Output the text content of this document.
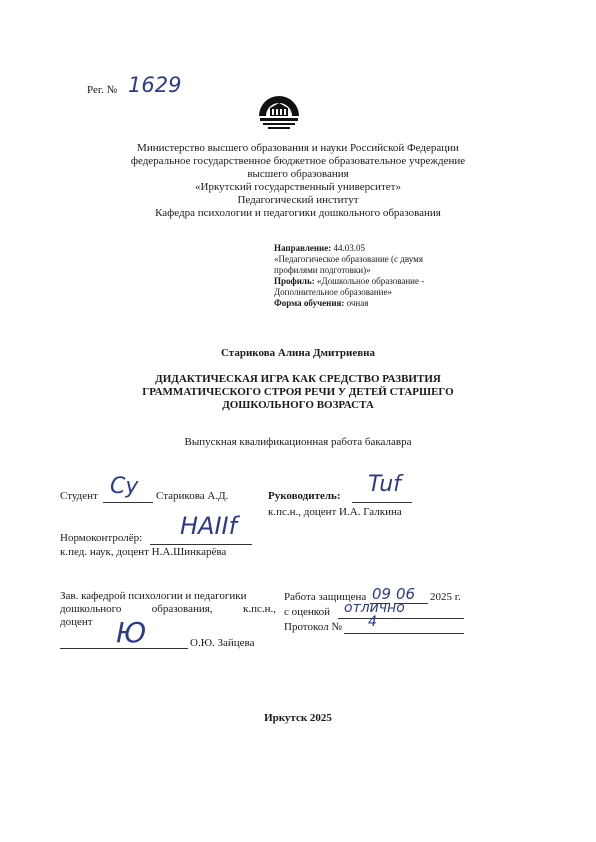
Рег. № 1629
Министерство высшего образования и науки Российской Федерации
федеральное государственное бюджетное образовательное учреждение
высшего образования
«Иркутский государственный университет»
Педагогический институт
Кафедра психологии и педагогики дошкольного образования
Направление: 44.03.05
«Педагогическое образование (с двумя
профилями подготовки)»
Профиль: «Дошкольное образование -
Дополнительное образование»
Форма обучения: очная
Старикова Алина Дмитриевна
ДИДАКТИЧЕСКАЯ ИГРА КАК СРЕДСТВО РАЗВИТИЯ
ГРАММАТИЧЕСКОГО СТРОЯ РЕЧИ У ДЕТЕЙ СТАРШЕГО
ДОШКОЛЬНОГО ВОЗРАСТА
Выпускная квалификационная работа бакалавра
Студент Cy Старикова А.Д.	Руководитель: Tuf
к.пс.н., доцент И.А. Галкина
Нормоконтролёр: HAIIf
к.пед. наук, доцент Н.А.Шинкарёва
Зав. кафедрой психологии и педагогики
дошкольного	образования,	к.пс.н.,
доцент Ю	О.Ю. Зайцева
Работа защищена 09 06 2025 г.
с оценкой отлично
Протокол № 4
Иркутск 2025
